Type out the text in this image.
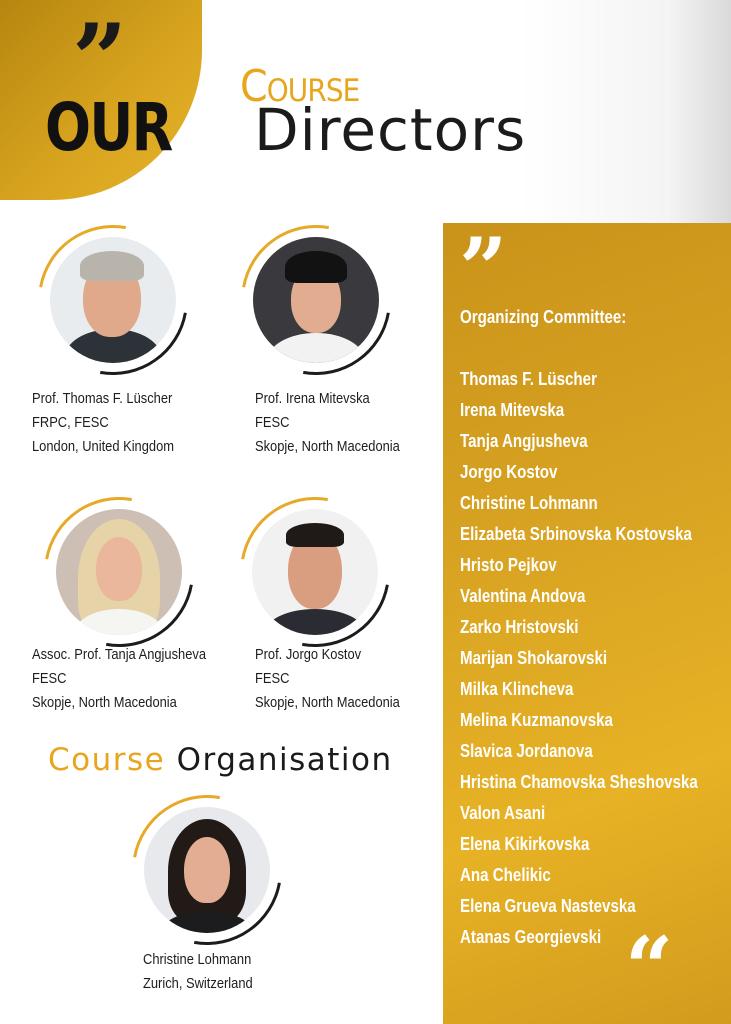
”
OUR
Course
Directors
Prof. Thomas F. Lüscher
FRPC, FESC
London, United Kingdom
Prof. Irena Mitevska
FESC
Skopje, North Macedonia
Assoc. Prof. Tanja Angjusheva
FESC
Skopje, North Macedonia
Prof. Jorgo Kostov
FESC
Skopje, North Macedonia
Course Organisation
Christine Lohmann
Zurich, Switzerland
”
Organizing Committee:
Thomas F. Lüscher
Irena Mitevska
Tanja Angjusheva
Jorgo Kostov
Christine Lohmann
Elizabeta Srbinovska Kostovska
Hristo Pejkov
Valentina Andova
Zarko Hristovski
Marijan Shokarovski
Milka Klincheva
Melina Kuzmanovska
Slavica Jordanova
Hristina Chamovska Sheshovska
Valon Asani
Elena Kikirkovska
Ana Chelikic
Elena Grueva Nastevska
Atanas Georgievski “
